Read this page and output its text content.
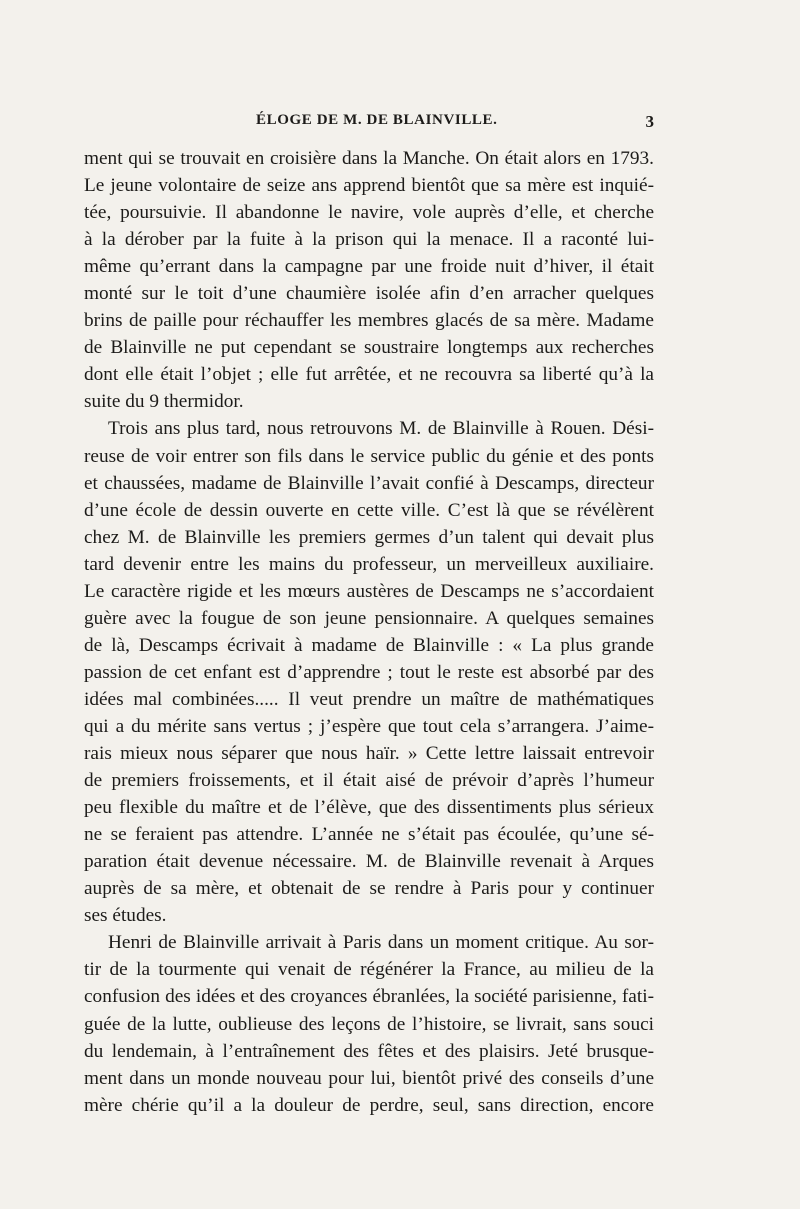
ÉLOGE DE M. DE BLAINVILLE.	3
ment qui se trouvait en croisière dans la Manche. On était alors en 1793.
Le jeune volontaire de seize ans apprend bientôt que sa mère est inquié-
tée, poursuivie. Il abandonne le navire, vole auprès d’elle, et cherche
à la dérober par la fuite à la prison qui la menace. Il a raconté lui-
même qu’errant dans la campagne par une froide nuit d’hiver, il était
monté sur le toit d’une chaumière isolée afin d’en arracher quelques
brins de paille pour réchauffer les membres glacés de sa mère. Madame
de Blainville ne put cependant se soustraire longtemps aux recherches
dont elle était l’objet ; elle fut arrêtée, et ne recouvra sa liberté qu’à la
suite du 9 thermidor.
Trois ans plus tard, nous retrouvons M. de Blainville à Rouen. Dési-
reuse de voir entrer son fils dans le service public du génie et des ponts
et chaussées, madame de Blainville l’avait confié à Descamps, directeur
d’une école de dessin ouverte en cette ville. C’est là que se révélèrent
chez M. de Blainville les premiers germes d’un talent qui devait plus
tard devenir entre les mains du professeur, un merveilleux auxiliaire.
Le caractère rigide et les mœurs austères de Descamps ne s’accordaient
guère avec la fougue de son jeune pensionnaire. A quelques semaines
de là, Descamps écrivait à madame de Blainville : « La plus grande
passion de cet enfant est d’apprendre ; tout le reste est absorbé par des
idées mal combinées..... Il veut prendre un maître de mathématiques
qui a du mérite sans vertus ; j’espère que tout cela s’arrangera. J’aime-
rais mieux nous séparer que nous haïr. » Cette lettre laissait entrevoir
de premiers froissements, et il était aisé de prévoir d’après l’humeur
peu flexible du maître et de l’élève, que des dissentiments plus sérieux
ne se feraient pas attendre. L’année ne s’était pas écoulée, qu’une sé-
paration était devenue nécessaire. M. de Blainville revenait à Arques
auprès de sa mère, et obtenait de se rendre à Paris pour y continuer
ses études.
Henri de Blainville arrivait à Paris dans un moment critique. Au sor-
tir de la tourmente qui venait de régénérer la France, au milieu de la
confusion des idées et des croyances ébranlées, la société parisienne, fati-
guée de la lutte, oublieuse des leçons de l’histoire, se livrait, sans souci
du lendemain, à l’entraînement des fêtes et des plaisirs. Jeté brusque-
ment dans un monde nouveau pour lui, bientôt privé des conseils d’une
mère chérie qu’il a la douleur de perdre, seul, sans direction, encore
